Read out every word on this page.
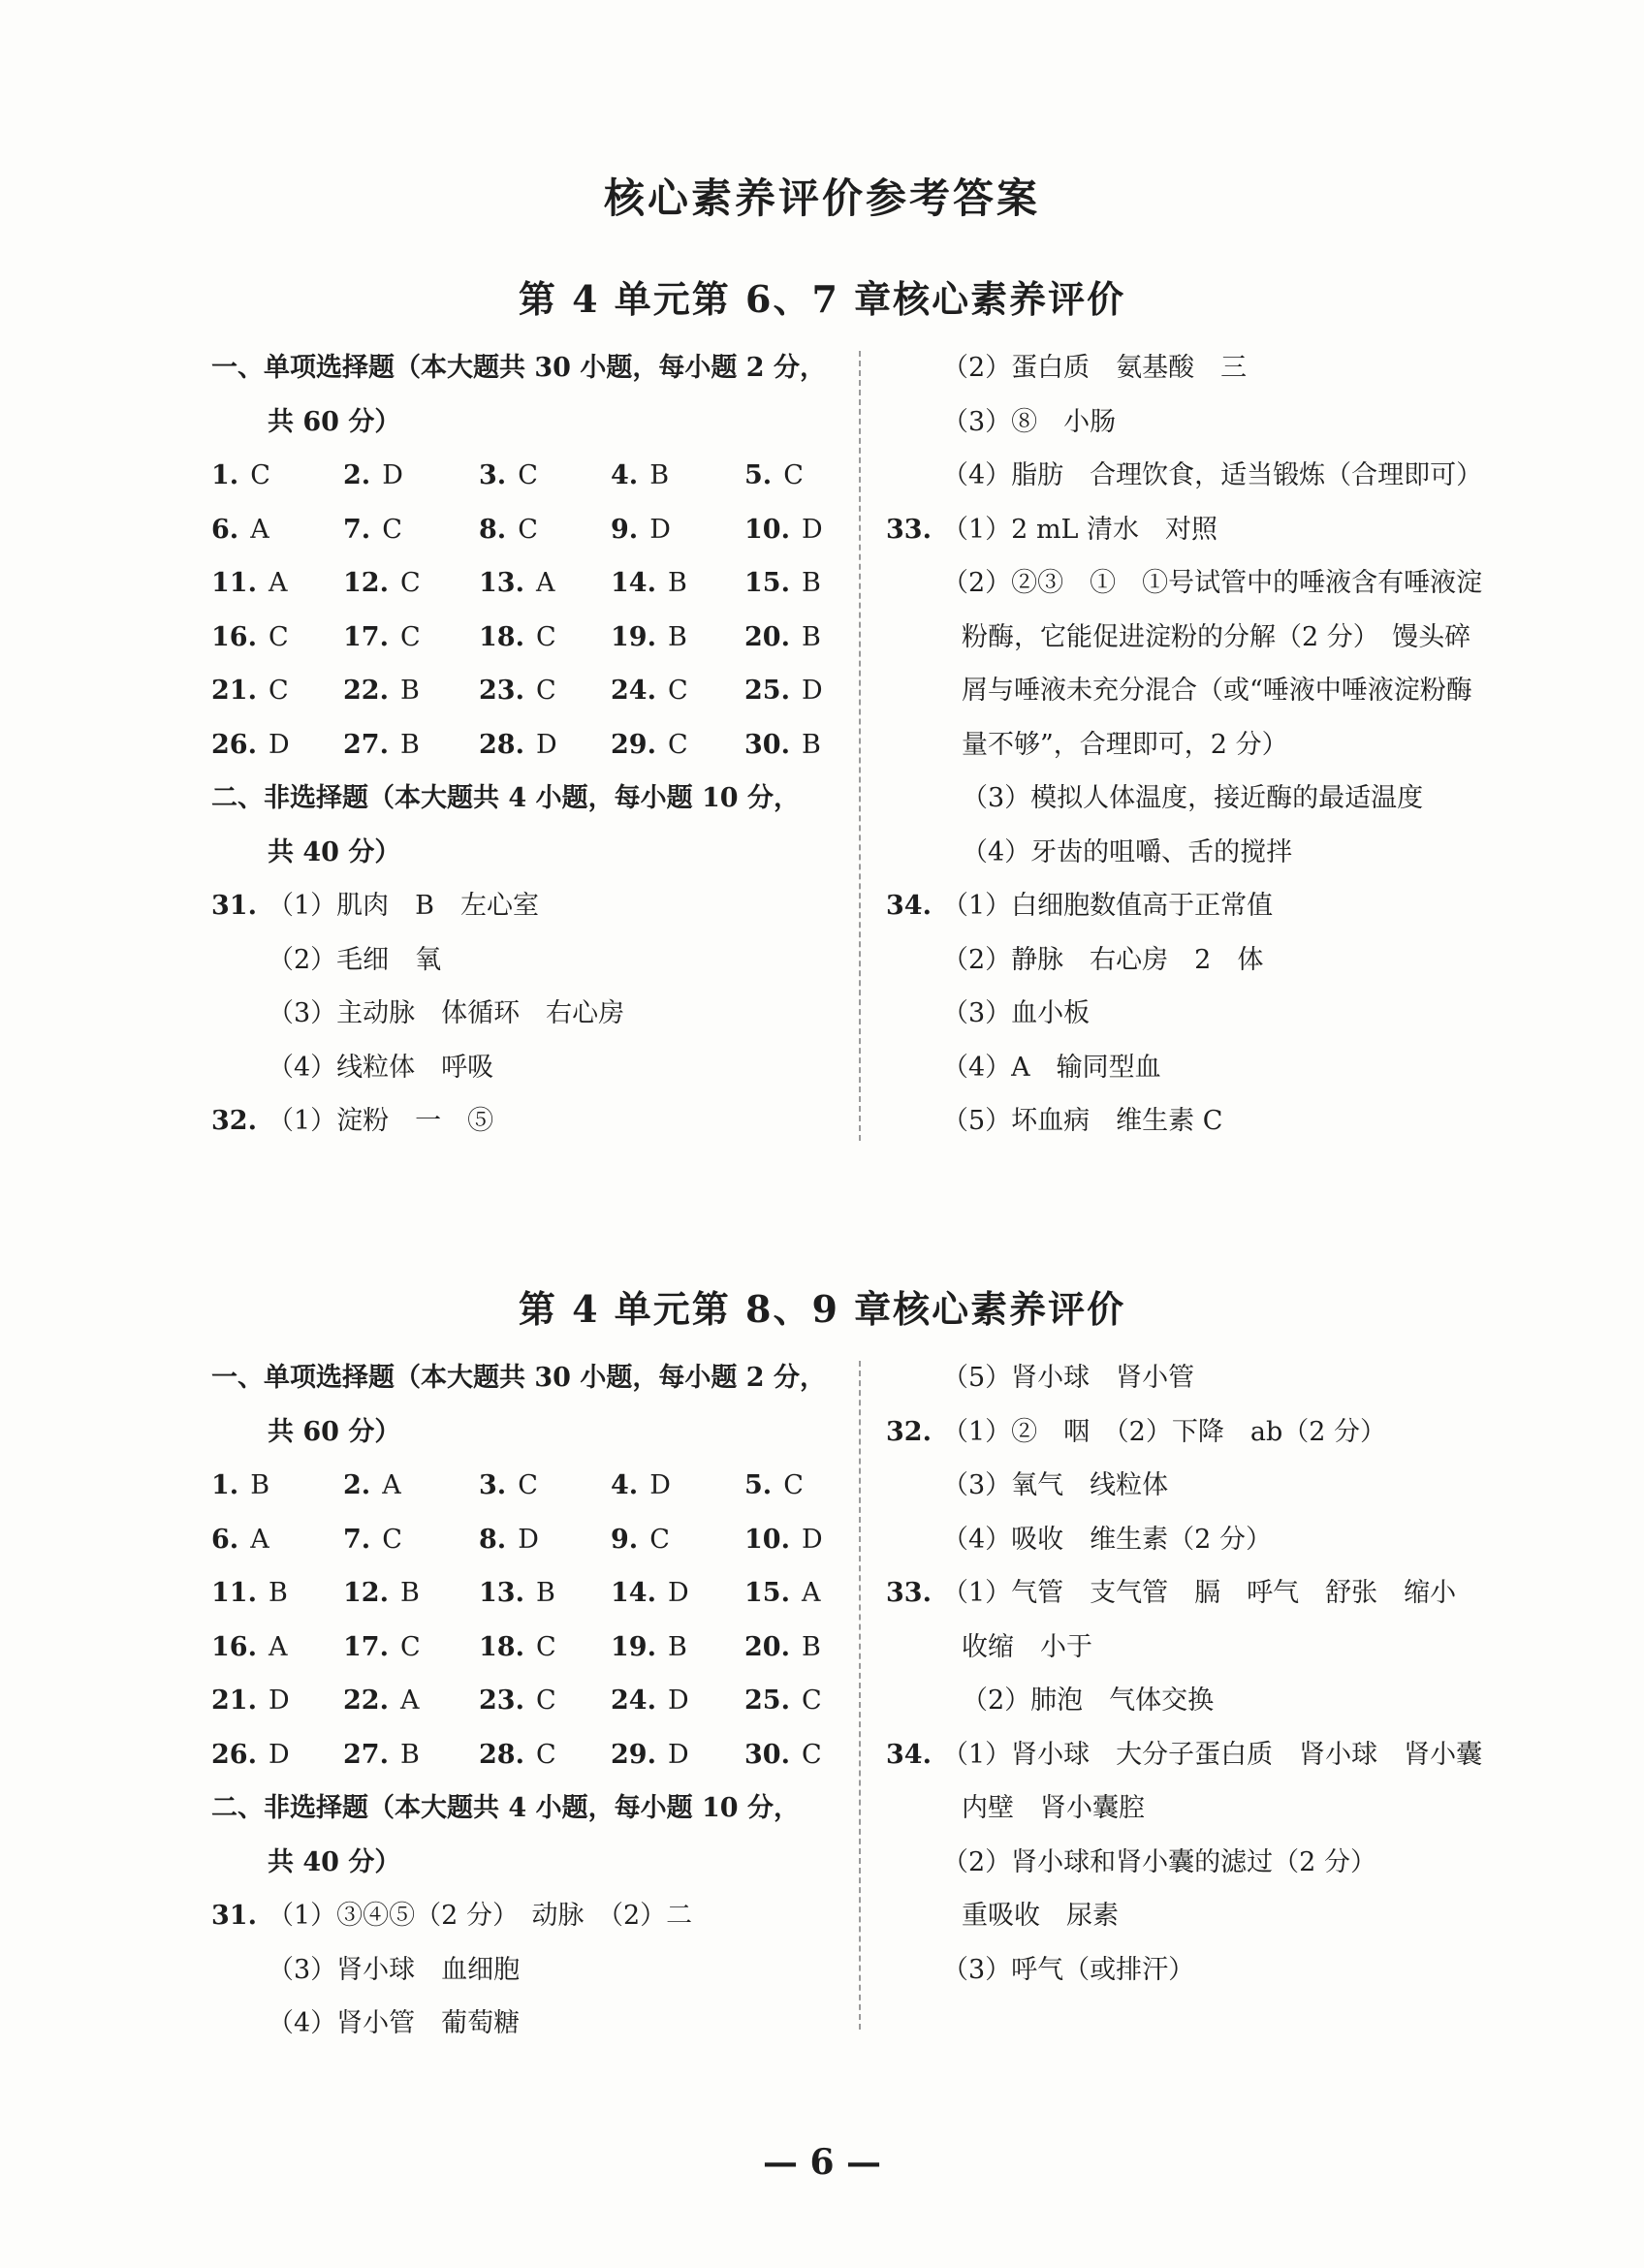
核心素养评价参考答案
第 4 单元第 6、7 章核心素养评价
一、单项选择题（本大题共 30 小题，每小题 2 分，
共 60 分）
1. C	2. D	3. C	4. B	5. C
6. A	7. C	8. C	9. D	10. D
11. A 12. C 13. A 14. B 15. B
16. C 17. C 18. C 19. B 20. B
21. C 22. B 23. C 24. C 25. D
26. D 27. B 28. D 29. C 30. B
二、非选择题（本大题共 4 小题，每小题 10 分，
共 40 分）
31. （1）肌肉　B　左心室
（2）毛细　氧
（3）主动脉　体循环　右心房
（4）线粒体　呼吸
32. （1）淀粉　一　⑤
（2）蛋白质　氨基酸　三
（3）⑧　小肠
（4）脂肪　合理饮食，适当锻炼（合理即可）
33. （1）2 mL 清水　对照
（2）②③　①　①号试管中的唾液含有唾液淀
粉酶，它能促进淀粉的分解（2 分）　馒头碎
屑与唾液未充分混合（或“唾液中唾液淀粉酶
量不够”，合理即可，2 分）
（3）模拟人体温度，接近酶的最适温度
（4）牙齿的咀嚼、舌的搅拌
34. （1）白细胞数值高于正常值
（2）静脉　右心房　2　体
（3）血小板
（4）A　输同型血
（5）坏血病　维生素 C
第 4 单元第 8、9 章核心素养评价
一、单项选择题（本大题共 30 小题，每小题 2 分，
共 60 分）
1. B	2. A	3. C	4. D	5. C
6. A	7. C	8. D	9. C	10. D
11. B 12. B 13. B 14. D 15. A
16. A 17. C 18. C 19. B 20. B
21. D 22. A 23. C 24. D 25. C
26. D 27. B 28. C 29. D 30. C
二、非选择题（本大题共 4 小题，每小题 10 分，
共 40 分）
31. （1）③④⑤（2 分）　动脉　（2）二
（3）肾小球　血细胞
（4）肾小管　葡萄糖
（5）肾小球　肾小管
32. （1）②　咽　（2）下降　ab（2 分）
（3）氧气　线粒体
（4）吸收　维生素（2 分）
33. （1）气管　支气管　膈　呼气　舒张　缩小
收缩　小于
（2）肺泡　气体交换
34. （1）肾小球　大分子蛋白质　肾小球　肾小囊
内壁　肾小囊腔
（2）肾小球和肾小囊的滤过（2 分）
重吸收　尿素
（3）呼气（或排汗）
— 6 —
